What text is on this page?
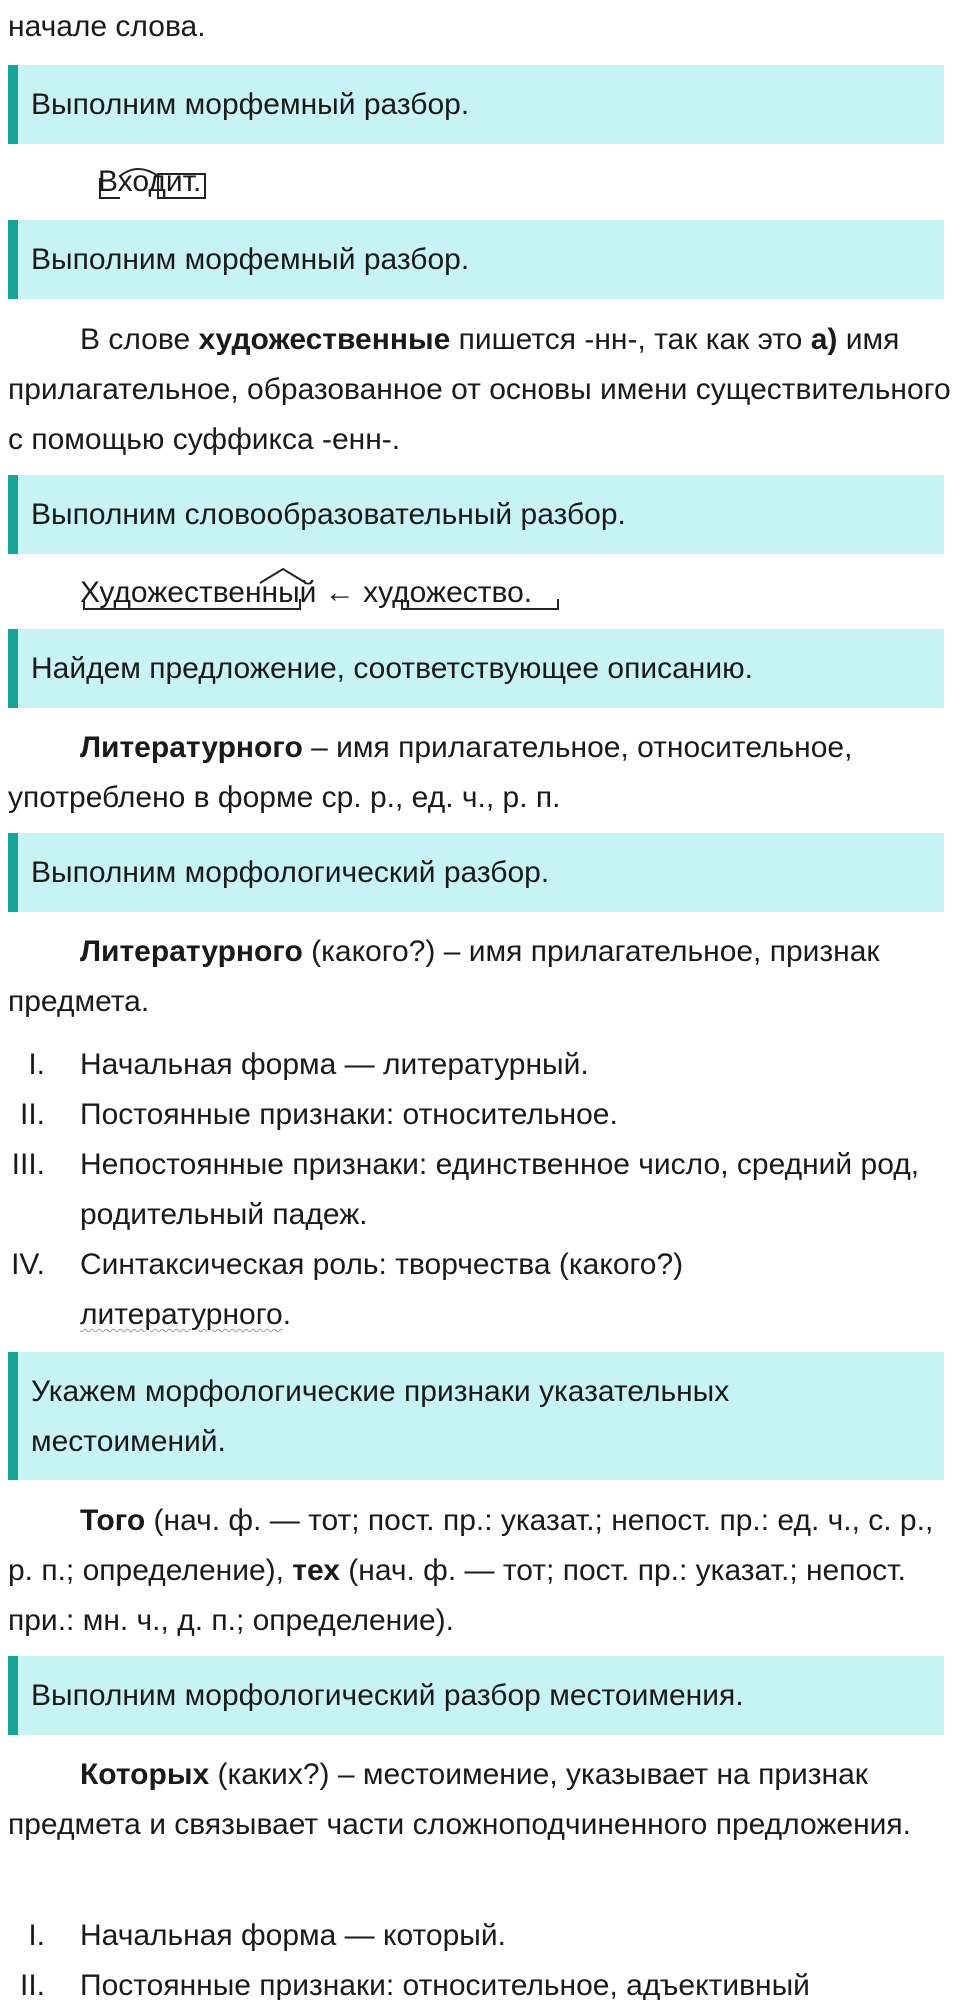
начале слова.
Выполним морфемный разбор.
Входит.
Выполним морфемный разбор.
В слове художественные пишется -нн-, так как это а) имя прилагательное, образованное от основы имени существительного с помощью суффикса -енн-.
Выполним словообразовательный разбор.
Художественный ← художество.
Найдем предложение, соответствующее описанию.
Литературного – имя прилагательное, относительное, употреблено в форме ср. р., ед. ч., р. п.
Выполним морфологический разбор.
Литературного (какого?) – имя прилагательное, признак предмета.
I. Начальная форма — литературный.
II. Постоянные признаки: относительное.
III. Непостоянные признаки: единственное число, средний род, родительный падеж.
IV. Синтаксическая роль: творчества (какого?)
литературного.
Укажем морфологические признаки указательных местоимений.
Того (нач. ф. — тот; пост. пр.: указат.; непост. пр.: ед. ч., с. р., р. п.; определение), тех (нач. ф. — тот; пост. пр.: указат.; непост. при.: мн. ч., д. п.; определение).
Выполним морфологический разбор местоимения.
Которых (каких?) – местоимение, указывает на признак предмета и связывает части сложноподчиненного предложения.
I. Начальная форма — который.
II. Постоянные признаки: относительное, адъективный
